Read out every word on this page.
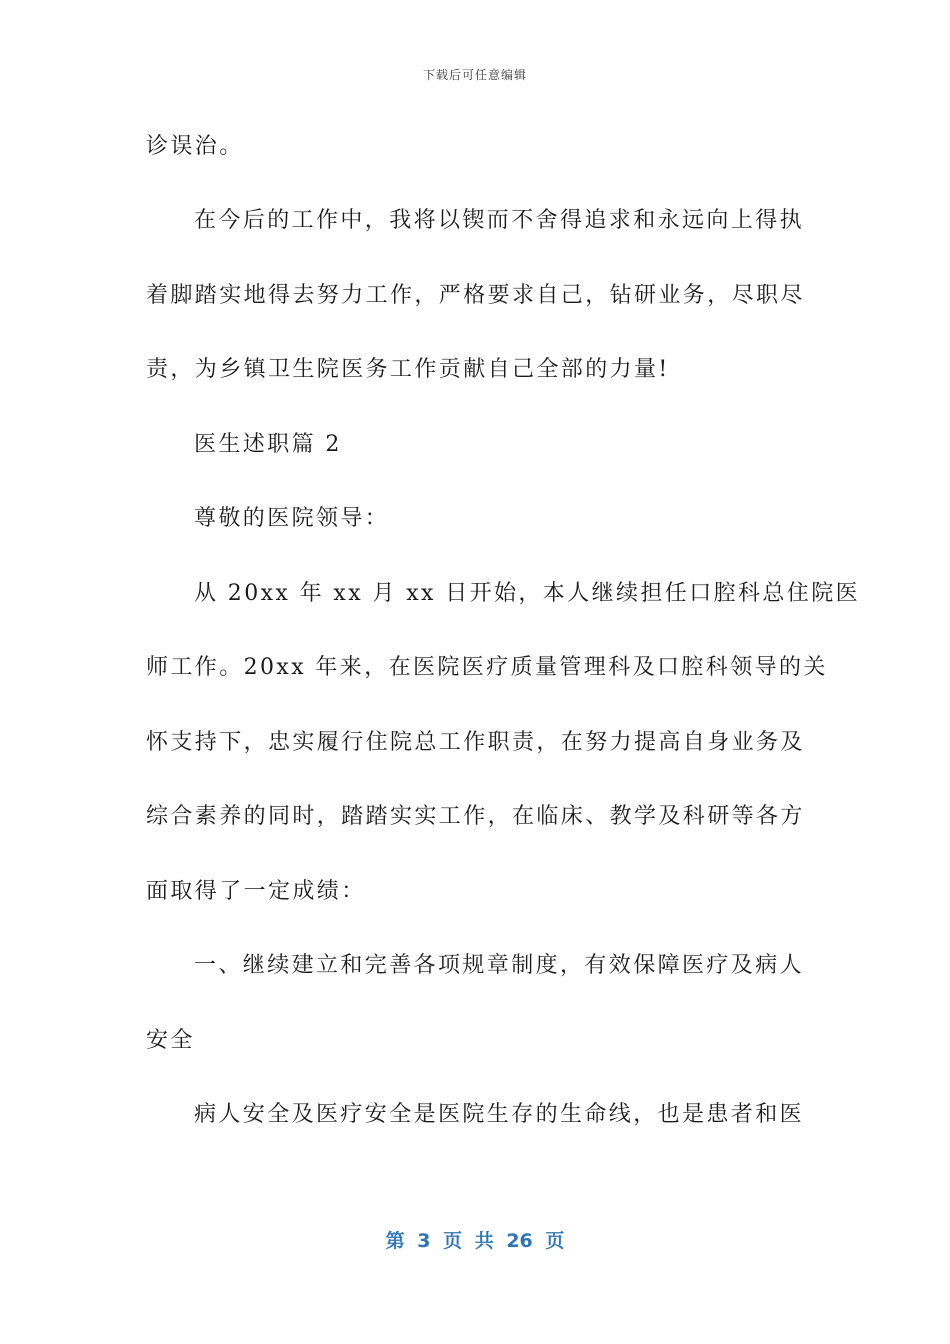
下载后可任意编辑
诊误治。
在今后的工作中，我将以锲而不舍得追求和永远向上得执
着脚踏实地得去努力工作，严格要求自己，钻研业务，尽职尽
责，为乡镇卫生院医务工作贡献自己全部的力量!
医生述职篇 2
尊敬的医院领导：
从 20xx 年 xx 月 xx 日开始，本人继续担任口腔科总住院医
师工作。20xx 年来，在医院医疗质量管理科及口腔科领导的关
怀支持下，忠实履行住院总工作职责，在努力提高自身业务及
综合素养的同时，踏踏实实工作，在临床、教学及科研等各方
面取得了一定成绩：
一、继续建立和完善各项规章制度，有效保障医疗及病人
安全
病人安全及医疗安全是医院生存的生命线，也是患者和医
第 3 页 共 26 页
